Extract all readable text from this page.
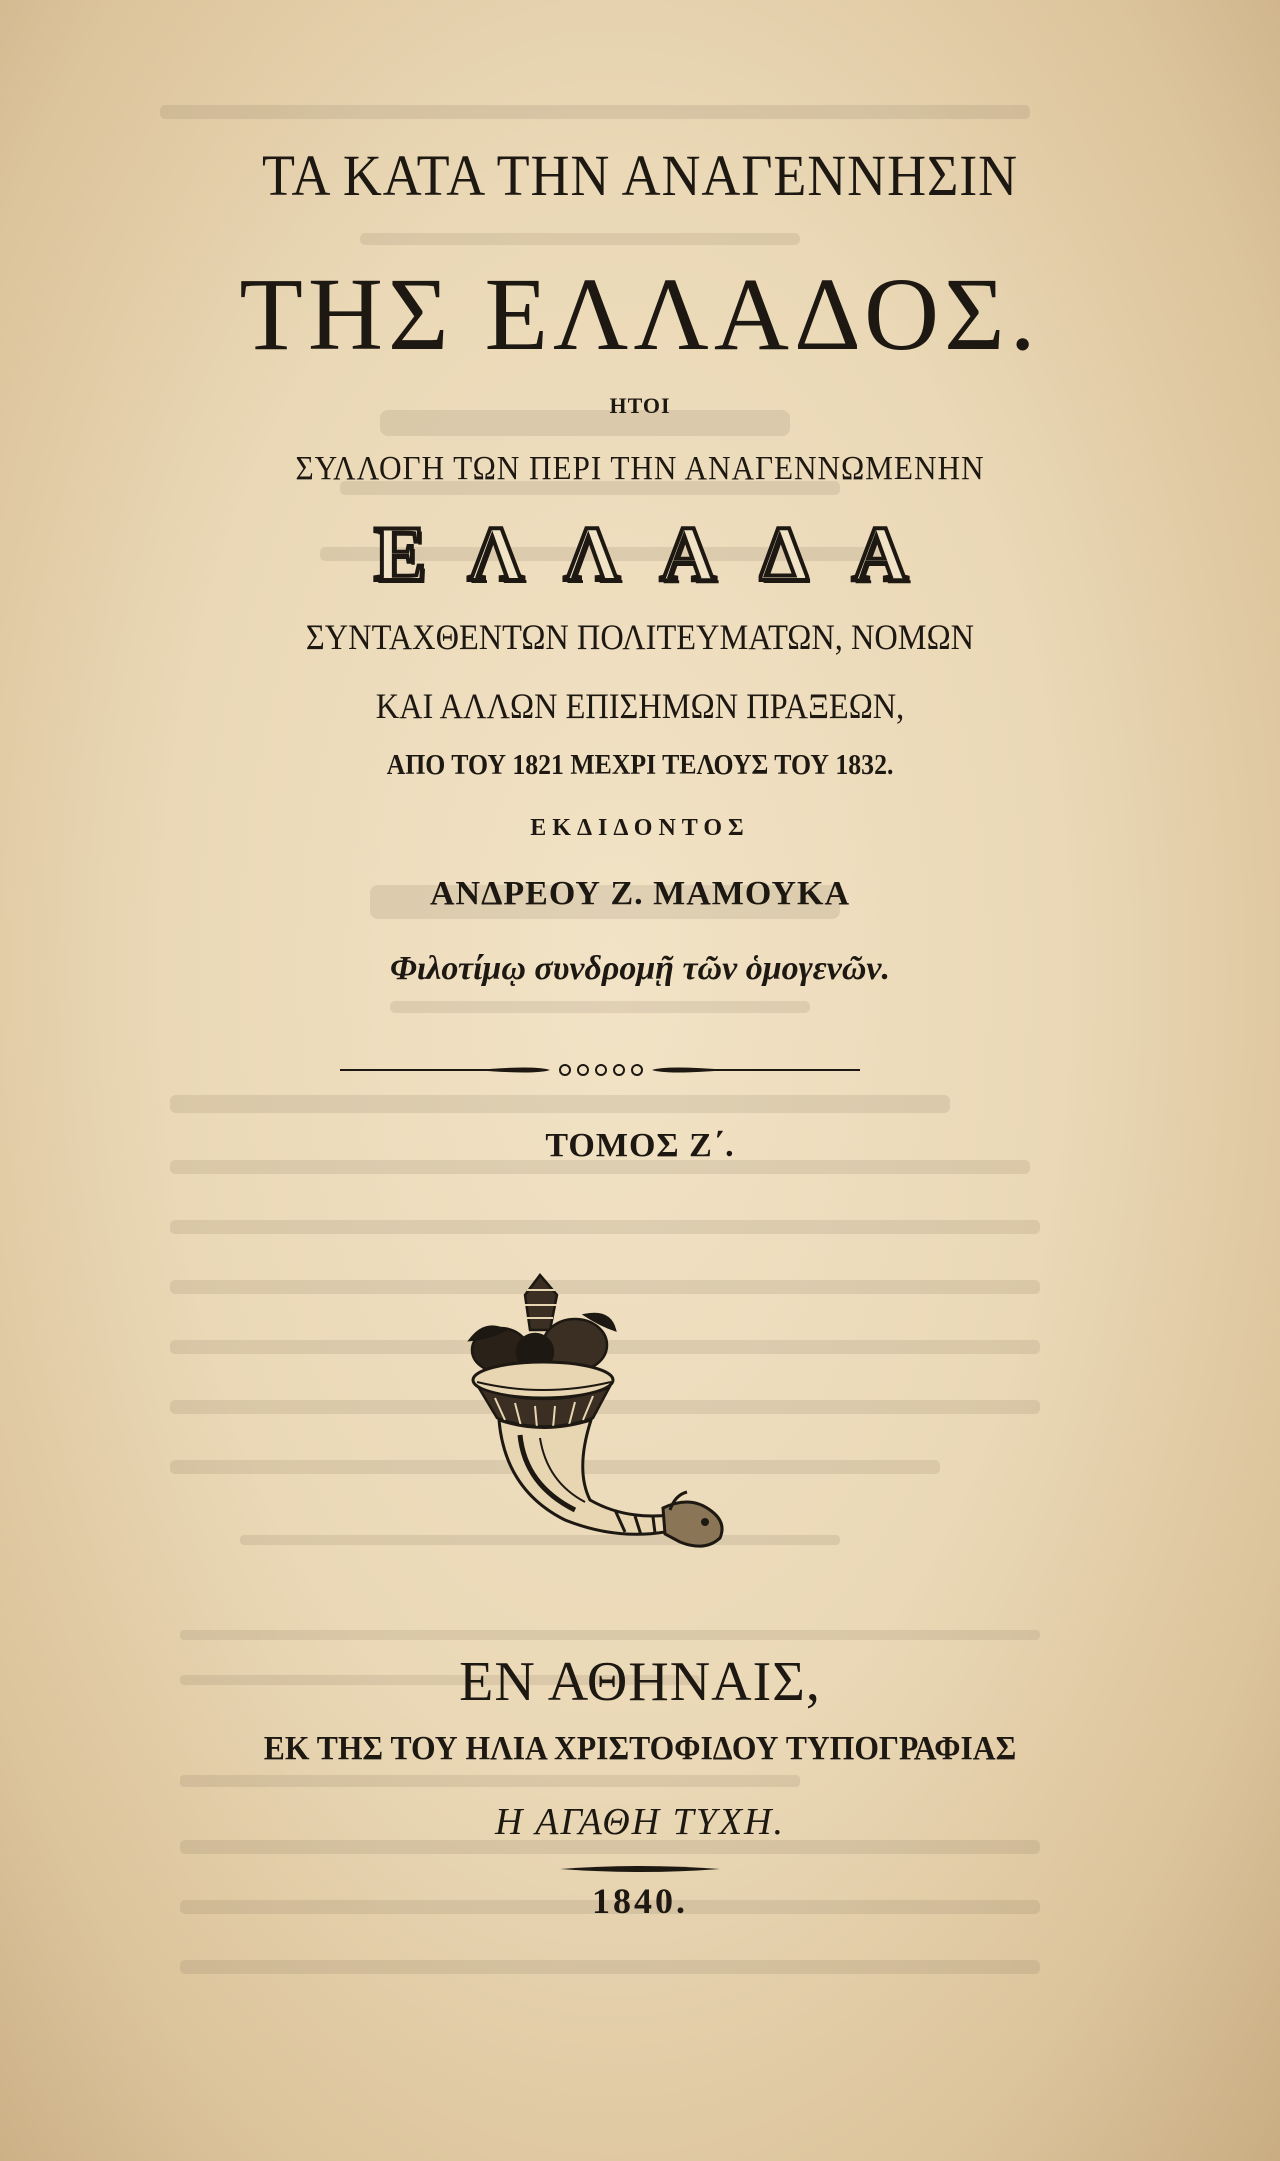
ΤΑ ΚΑΤΑ ΤΗΝ ΑΝΑΓΕΝΝΗΣΙΝ
ΤΗΣ ΕΛΛΑΔΟΣ.
ΗΤΟΙ
ΣΥΛΛΟΓΗ ΤΩΝ ΠΕΡΙ ΤΗΝ ΑΝΑΓΕΝΝΩΜΕΝΗΝ
Ε Λ Λ Α Δ Α
ΣΥΝΤΑΧΘΕΝΤΩΝ ΠΟΛΙΤΕΥΜΑΤΩΝ, ΝΟΜΩΝ
ΚΑΙ ΑΛΛΩΝ ΕΠΙΣΗΜΩΝ ΠΡΑΞΕΩΝ,
ΑΠΟ ΤΟΥ 1821 ΜΕΧΡΙ ΤΕΛΟΥΣ ΤΟΥ 1832.
ΕΚΔΙΔΟΝΤΟΣ
ΑΝΔΡΕΟΥ Ζ. ΜΑΜΟΥΚΑ
Φιλοτίμῳ συνδρομῇ τῶν ὁμογενῶν.
ΤΟΜΟΣ Ζ΄.
ΕΝ ΑΘΗΝΑΙΣ,
ΕΚ ΤΗΣ ΤΟΥ ΗΛΙΑ ΧΡΙΣΤΟΦΙΔΟΥ ΤΥΠΟΓΡΑΦΙΑΣ
Η ΑΓΑΘΗ ΤΥΧΗ.
1840.
